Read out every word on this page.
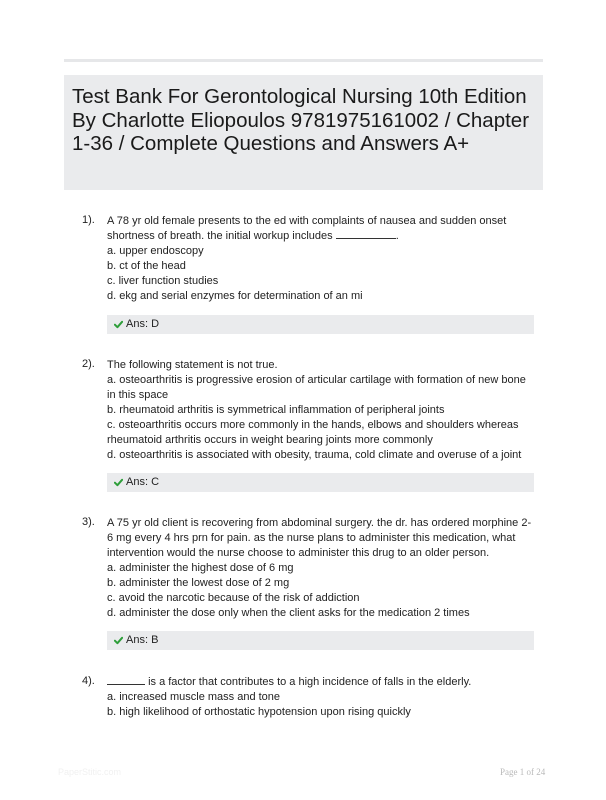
Test Bank For Gerontological Nursing 10th Edition By Charlotte Eliopoulos 9781975161002 / Chapter 1-36 / Complete Questions and Answers A+
1). A 78 yr old female presents to the ed with complaints of nausea and sudden onset shortness of breath. the initial workup includes	.
a. upper endoscopy
b. ct of the head
c. liver function studies
d. ekg and serial enzymes for determination of an mi
Ans: D
2). The following statement is not true.
a. osteoarthritis is progressive erosion of articular cartilage with formation of new bone in this space
b. rheumatoid arthritis is symmetrical inflammation of peripheral joints
c. osteoarthritis occurs more commonly in the hands, elbows and shoulders whereas rheumatoid arthritis occurs in weight bearing joints more commonly
d. osteoarthritis is associated with obesity, trauma, cold climate and overuse of a joint
Ans: C
3). A 75 yr old client is recovering from abdominal surgery. the dr. has ordered morphine 2-6 mg every 4 hrs prn for pain. as the nurse plans to administer this medication, what intervention would the nurse choose to administer this drug to an older person.
a. administer the highest dose of 6 mg
b. administer the lowest dose of 2 mg
c. avoid the narcotic because of the risk of addiction
d. administer the dose only when the client asks for the medication 2 times
Ans: B
4).	is a factor that contributes to a high incidence of falls in the elderly.
a. increased muscle mass and tone
b. high likelihood of orthostatic hypotension upon rising quickly
PaperStitic.com	Page 1 of 24
